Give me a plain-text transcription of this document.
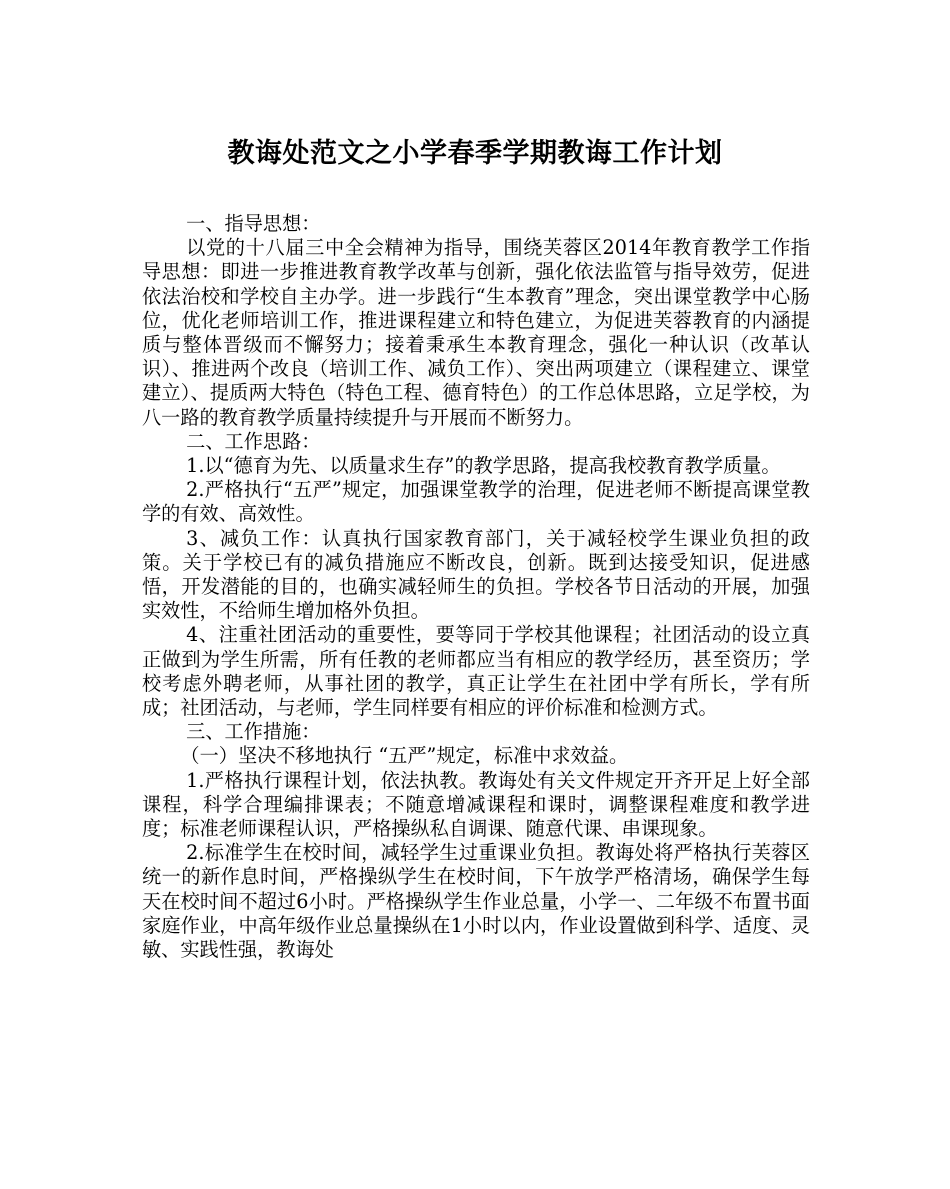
教诲处范文之小学春季学期教诲工作计划

一、指导思想：

以党的十八届三中全会精神为指导，围绕芙蓉区2014年教育教学工作指导思想：即进一步推进教育教学改革与创新，强化依法监管与指导效劳，促进依法治校和学校自主办学。进一步践行“生本教育”理念，突出课堂教学中心肠位，优化老师培训工作，推进课程建立和特色建立，为促进芙蓉教育的内涵提质与整体晋级而不懈努力；接着秉承生本教育理念，强化一种认识（改革认识）、推进两个改良（培训工作、减负工作）、突出两项建立（课程建立、课堂建立）、提质两大特色（特色工程、德育特色）的工作总体思路，立足学校，为八一路的教育教学质量持续提升与开展而不断努力。

二、工作思路：

1.以“德育为先、以质量求生存”的教学思路，提高我校教育教学质量。

2.严格执行“五严”规定，加强课堂教学的治理，促进老师不断提高课堂教学的有效、高效性。

3、减负工作：认真执行国家教育部门，关于减轻校学生课业负担的政策。关于学校已有的减负措施应不断改良，创新。既到达接受知识，促进感悟，开发潜能的目的，也确实减轻师生的负担。学校各节日活动的开展，加强实效性，不给师生增加格外负担。

4、注重社团活动的重要性，要等同于学校其他课程；社团活动的设立真正做到为学生所需，所有任教的老师都应当有相应的教学经历，甚至资历；学校考虑外聘老师，从事社团的教学，真正让学生在社团中学有所长，学有所成；社团活动，与老师，学生同样要有相应的评价标准和检测方式。

三、工作措施：

（一）坚决不移地执行 “五严”规定，标准中求效益。

1.严格执行课程计划，依法执教。教诲处有关文件规定开齐开足上好全部课程，科学合理编排课表；不随意增减课程和课时，调整课程难度和教学进度；标准老师课程认识，严格操纵私自调课、随意代课、串课现象。

2.标准学生在校时间，减轻学生过重课业负担。教诲处将严格执行芙蓉区统一的新作息时间，严格操纵学生在校时间，下午放学严格清场，确保学生每天在校时间不超过6小时。严格操纵学生作业总量，小学一、二年级不布置书面家庭作业，中高年级作业总量操纵在1小时以内，作业设置做到科学、适度、灵敏、实践性强，教诲处
